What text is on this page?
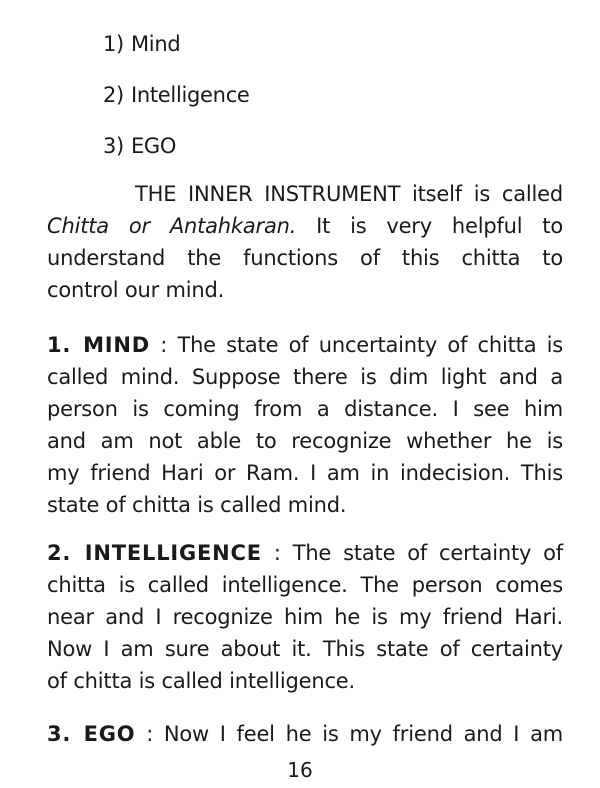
1) Mind
2) Intelligence
3) EGO
THE INNER INSTRUMENT itself is called
Chitta or Antahkaran. It is very helpful to
understand the functions of this chitta to
control our mind.
1. MIND : The state of uncertainty of chitta is
called mind. Suppose there is dim light and a
person is coming from a distance. I see him
and am not able to recognize whether he is
my friend Hari or Ram. I am in indecision. This
state of chitta is called mind.
2. INTELLIGENCE : The state of certainty of
chitta is called intelligence. The person comes
near and I recognize him he is my friend Hari.
Now I am sure about it. This state of certainty
of chitta is called intelligence.
3. EGO : Now I feel he is my friend and I am
16
